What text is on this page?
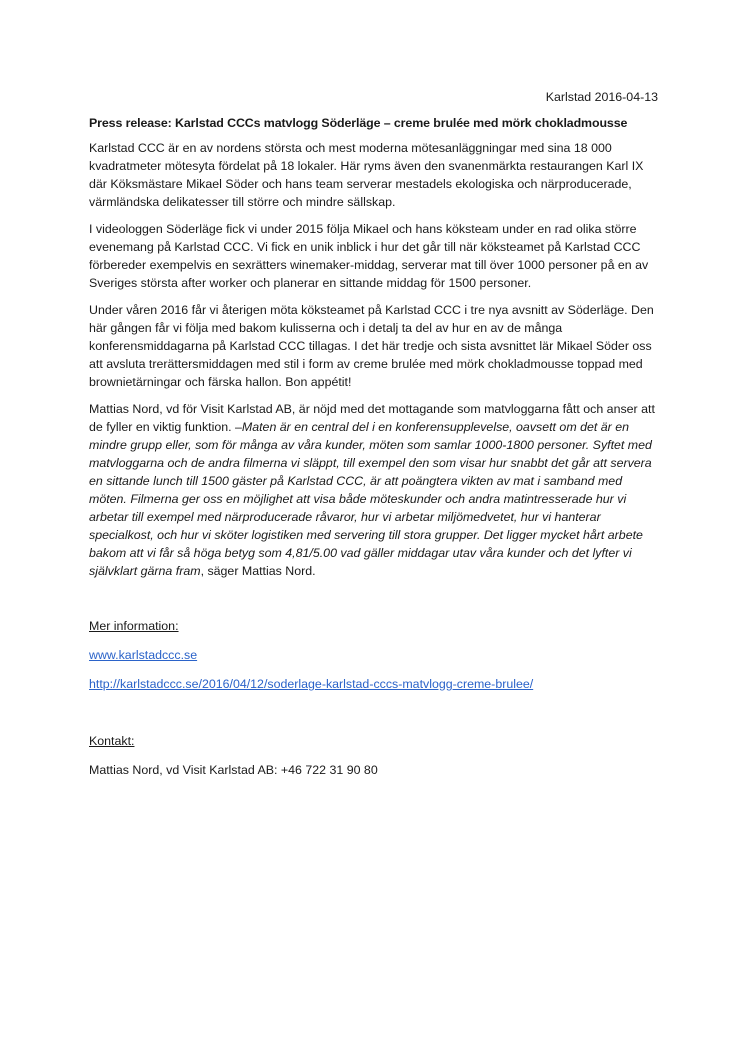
Karlstad 2016-04-13
Press release: Karlstad CCCs matvlogg Söderläge – creme brulée med mörk chokladmousse

Karlstad CCC är en av nordens största och mest moderna mötesanläggningar med sina 18 000 kvadratmeter mötesyta fördelat på 18 lokaler. Här ryms även den svanenmärkta restaurangen Karl IX där Köksmästare Mikael Söder och hans team serverar mestadels ekologiska och närproducerade, värmländska delikatesser till större och mindre sällskap.

I videologgen Söderläge fick vi under 2015 följa Mikael och hans köksteam under en rad olika större evenemang på Karlstad CCC. Vi fick en unik inblick i hur det går till när köksteamet på Karlstad CCC förbereder exempelvis en sexrätters winemaker-middag, serverar mat till över 1000 personer på en av Sveriges största after worker och planerar en sittande middag för 1500 personer.

Under våren 2016 får vi återigen möta köksteamet på Karlstad CCC i tre nya avsnitt av Söderläge. Den här gången får vi följa med bakom kulisserna och i detalj ta del av hur en av de många konferensmiddagarna på Karlstad CCC tillagas. I det här tredje och sista avsnittet lär Mikael Söder oss att avsluta trerättersmiddagen med stil i form av creme brulée med mörk chokladmousse toppad med brownietärningar och färska hallon. Bon appétit!

Mattias Nord, vd för Visit Karlstad AB, är nöjd med det mottagande som matvloggarna fått och anser att de fyller en viktig funktion. –Maten är en central del i en konferensupplevelse, oavsett om det är en mindre grupp eller, som för många av våra kunder, möten som samlar 1000-1800 personer. Syftet med matvloggarna och de andra filmerna vi släppt, till exempel den som visar hur snabbt det går att servera en sittande lunch till 1500 gäster på Karlstad CCC, är att poängtera vikten av mat i samband med möten. Filmerna ger oss en möjlighet att visa både möteskunder och andra matintresserade hur vi arbetar till exempel med närproducerade råvaror, hur vi arbetar miljömedvetet, hur vi hanterar specialkost, och hur vi sköter logistiken med servering till stora grupper. Det ligger mycket hårt arbete bakom att vi får så höga betyg som 4,81/5.00 vad gäller middagar utav våra kunder och det lyfter vi självklart gärna fram, säger Mattias Nord.

Mer information:
www.karlstadccc.se
http://karlstadccc.se/2016/04/12/soderlage-karlstad-cccs-matvlogg-creme-brulee/
Kontakt:

Mattias Nord, vd Visit Karlstad AB: +46 722 31 90 80
